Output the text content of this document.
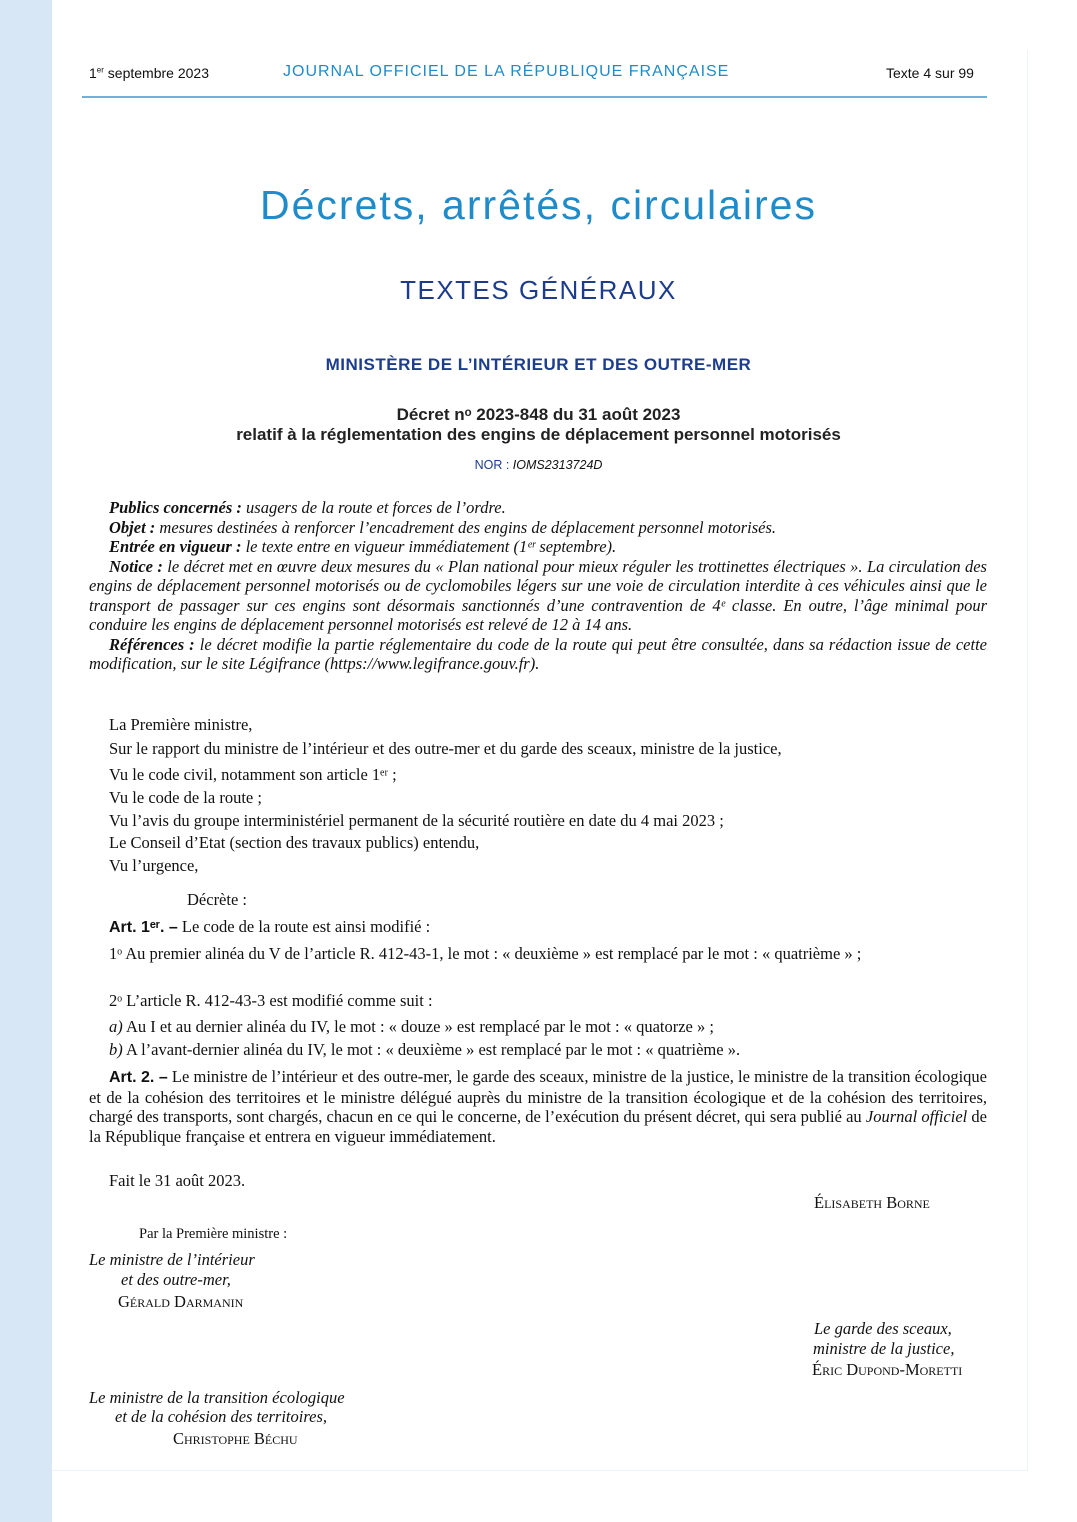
1er septembre 2023	JOURNAL OFFICIEL DE LA RÉPUBLIQUE FRANÇAISE	Texte 4 sur 99
Décrets, arrêtés, circulaires
TEXTES GÉNÉRAUX
MINISTÈRE DE L’INTÉRIEUR ET DES OUTRE-MER
Décret nᵒ 2023-848 du 31 août 2023
relatif à la réglementation des engins de déplacement personnel motorisés
NOR : IOMS2313724D

Publics concernés : usagers de la route et forces de l’ordre.

Objet : mesures destinées à renforcer l’encadrement des engins de déplacement personnel motorisés.

Entrée en vigueur : le texte entre en vigueur immédiatement (1ᵉʳ septembre).

Notice : le décret met en œuvre deux mesures du « Plan national pour mieux réguler les trottinettes électriques ». La circulation des engins de déplacement personnel motorisés ou de cyclomobiles légers sur une voie de circulation interdite à ces véhicules ainsi que le transport de passager sur ces engins sont désormais sanctionnés d’une contravention de 4ᵉ classe. En outre, l’âge minimal pour conduire les engins de déplacement personnel motorisés est relevé de 12 à 14 ans.

Références : le décret modifie la partie réglementaire du code de la route qui peut être consultée, dans sa rédaction issue de cette modification, sur le site Légifrance (https://www.legifrance.gouv.fr).

La Première ministre,
Sur le rapport du ministre de l’intérieur et des outre-mer et du garde des sceaux, ministre de la justice,
Vu le code civil, notamment son article 1ᵉʳ ;
Vu le code de la route ;
Vu l’avis du groupe interministériel permanent de la sécurité routière en date du 4 mai 2023 ;
Le Conseil d’Etat (section des travaux publics) entendu,
Vu l’urgence,
Décrète :
Art. 1ᵉʳ. – Le code de la route est ainsi modifié :

1ᵒ Au premier alinéa du V de l’article R. 412-43-1, le mot : « deuxième » est remplacé par le mot : « quatrième » ;

2ᵒ L’article R. 412-43-3 est modifié comme suit :
a) Au I et au dernier alinéa du IV, le mot : « douze » est remplacé par le mot : « quatorze » ;
b) A l’avant-dernier alinéa du IV, le mot : « deuxième » est remplacé par le mot : « quatrième ».

Art. 2. – Le ministre de l’intérieur et des outre-mer, le garde des sceaux, ministre de la justice, le ministre de la transition écologique et de la cohésion des territoires et le ministre délégué auprès du ministre de la transition écologique et de la cohésion des territoires, chargé des transports, sont chargés, chacun en ce qui le concerne, de l’exécution du présent décret, qui sera publié au Journal officiel de la République française et entrera en vigueur immédiatement.

Fait le 31 août 2023.
Élisabeth Borne
Par la Première ministre :
Le ministre de l’intérieur
et des outre-mer,
Gérald Darmanin
Le garde des sceaux,
ministre de la justice,
Éric Dupond-Moretti
Le ministre de la transition écologique
et de la cohésion des territoires,
Christophe Béchu
